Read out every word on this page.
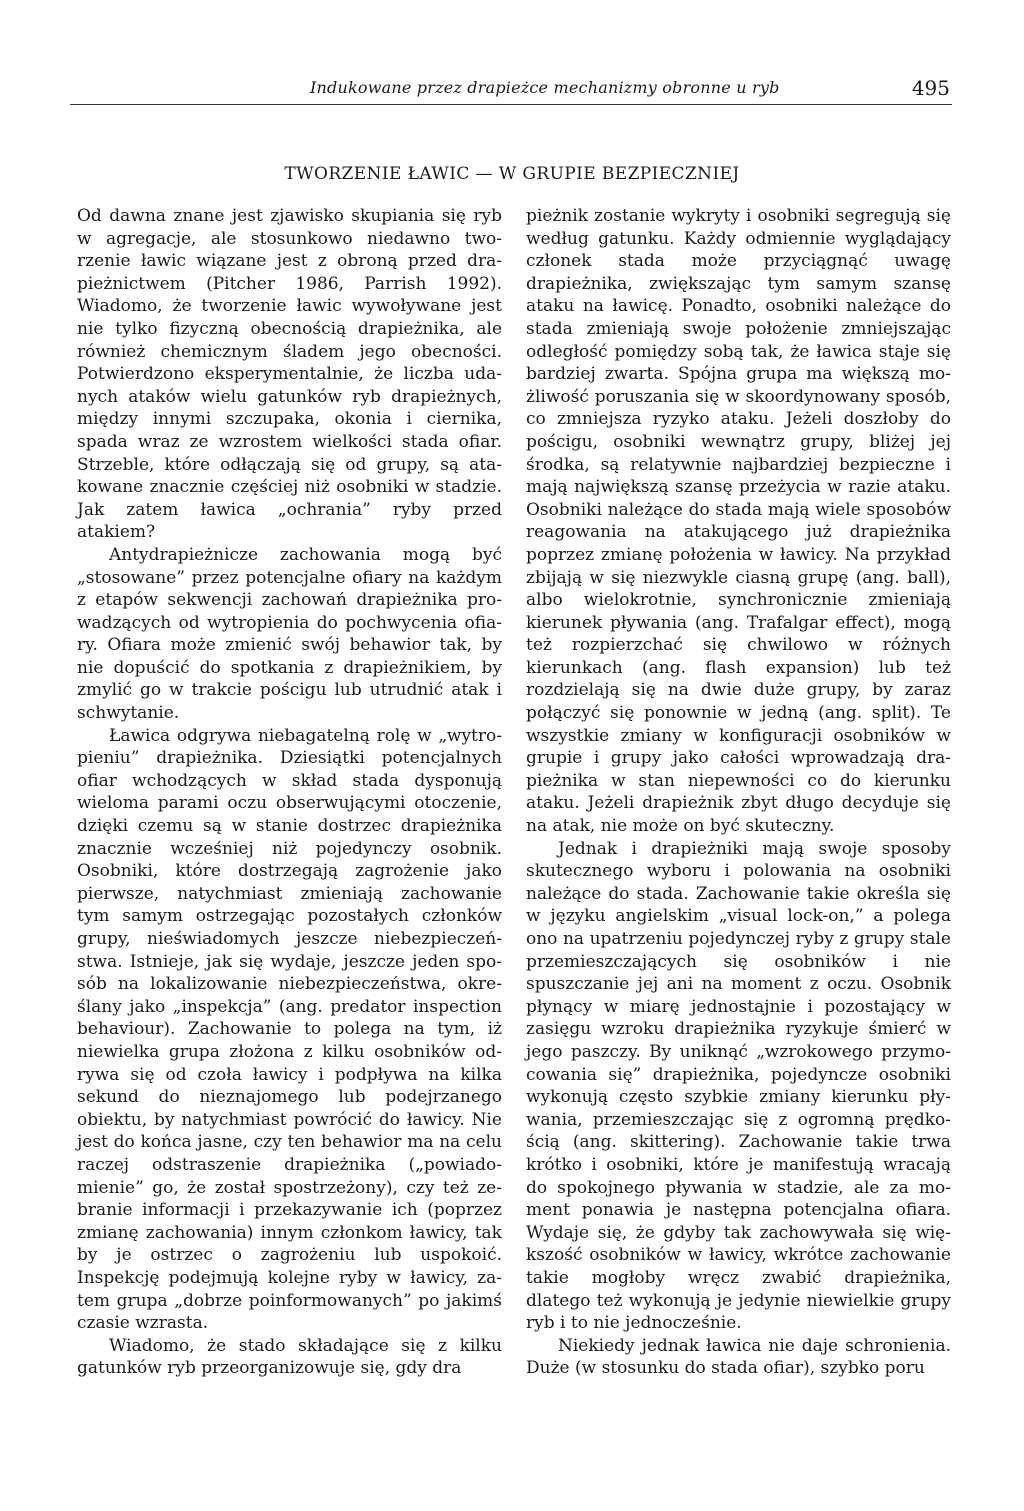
Indukowane przez drapieżce mechanizmy obronne u ryb	495
TWORZENIE ŁAWIC — W GRUPIE BEZPIECZNIEJ

Od dawna znane jest zjawisko skupiania się ryb w agregacje, ale stosunkowo niedawno tworzenie ławic wiązane jest z obroną przed drapieżnictwem (Pitcher 1986, Parrish 1992). Wiadomo, że tworzenie ławic wywoływane jest nie tylko fizyczną obecnością drapieżnika, ale również chemicznym śladem jego obecności. Potwierdzono eksperymentalnie, że liczba udanych ataków wielu gatunków ryb drapieżnych, między innymi szczupaka, okonia i ciernika, spada wraz ze wzrostem wielkości stada ofiar. Strzeble, które odłączają się od grupy, są atakowane znacznie częściej niż osobniki w stadzie. Jak zatem ławica „ochrania” ryby przed atakiem?

Antydrapieżnicze zachowania mogą być „stosowane” przez potencjalne ofiary na każdym z etapów sekwencji zachowań drapieżnika prowadzących od wytropienia do pochwycenia ofiary. Ofiara może zmienić swój behawior tak, by nie dopuścić do spotkania z drapieżnikiem, by zmylić go w trakcie pościgu lub utrudnić atak i schwytanie.

Ławica odgrywa niebagatelną rolę w „wytropieniu” drapieżnika. Dziesiątki potencjalnych ofiar wchodzących w skład stada dysponują wieloma parami oczu obserwującymi otoczenie, dzięki czemu są w stanie dostrzec drapieżnika znacznie wcześniej niż pojedynczy osobnik. Osobniki, które dostrzegają zagrożenie jako pierwsze, natychmiast zmieniają zachowanie tym samym ostrzegając pozostałych członków grupy, nieświadomych jeszcze niebezpieczeństwa. Istnieje, jak się wydaje, jeszcze jeden sposób na lokalizowanie niebezpieczeństwa, określany jako „inspekcja” (ang. predator inspection behaviour). Zachowanie to polega na tym, iż niewielka grupa złożona z kilku osobników odrywa się od czoła ławicy i podpływa na kilka sekund do nieznajomego lub podejrzanego obiektu, by natychmiast powrócić do ławicy. Nie jest do końca jasne, czy ten behawior ma na celu raczej odstraszenie drapieżnika („powiadomienie” go, że został spostrzeżony), czy też zebranie informacji i przekazywanie ich (poprzez zmianę zachowania) innym członkom ławicy, tak by je ostrzec o zagrożeniu lub uspokoić. Inspekcję podejmują kolejne ryby w ławicy, zatem grupa „dobrze poinformowanych” po jakimś czasie wzrasta.

Wiadomo, że stado składające się z kilku gatunków ryb przeorganizowuje się, gdy dra

pieżnik zostanie wykryty i osobniki segregują się według gatunku. Każdy odmiennie wyglądający członek stada może przyciągnąć uwagę drapieżnika, zwiększając tym samym szansę ataku na ławicę. Ponadto, osobniki należące do stada zmieniają swoje położenie zmniejszając odległość pomiędzy sobą tak, że ławica staje się bardziej zwarta. Spójna grupa ma większą możliwość poruszania się w skoordynowany sposób, co zmniejsza ryzyko ataku. Jeżeli doszłoby do pościgu, osobniki wewnątrz grupy, bliżej jej środka, są relatywnie najbardziej bezpieczne i mają największą szansę przeżycia w razie ataku. Osobniki należące do stada mają wiele sposobów reagowania na atakującego już drapieżnika poprzez zmianę położenia w ławicy. Na przykład zbijają w się niezwykle ciasną grupę (ang. ball), albo wielokrotnie, synchronicznie zmieniają kierunek pływania (ang. Trafalgar effect), mogą też rozpierzchać się chwilowo w różnych kierunkach (ang. flash expansion) lub też rozdzielają się na dwie duże grupy, by zaraz połączyć się ponownie w jedną (ang. split). Te wszystkie zmiany w konfiguracji osobników w grupie i grupy jako całości wprowadzają drapieżnika w stan niepewności co do kierunku ataku. Jeżeli drapieżnik zbyt długo decyduje się na atak, nie może on być skuteczny.

Jednak i drapieżniki mają swoje sposoby skutecznego wyboru i polowania na osobniki należące do stada. Zachowanie takie określa się w języku angielskim „visual lock-on,” a polega ono na upatrzeniu pojedynczej ryby z grupy stale przemieszczających się osobników i nie spuszczanie jej ani na moment z oczu. Osobnik płynący w miarę jednostajnie i pozostający w zasięgu wzroku drapieżnika ryzykuje śmierć w jego paszczy. By uniknąć „wzrokowego przymocowania się” drapieżnika, pojedyncze osobniki wykonują często szybkie zmiany kierunku pływania, przemieszczając się z ogromną prędkością (ang. skittering). Zachowanie takie trwa krótko i osobniki, które je manifestują wracają do spokojnego pływania w stadzie, ale za moment ponawia je następna potencjalna ofiara. Wydaje się, że gdyby tak zachowywała się większość osobników w ławicy, wkrótce zachowanie takie mogłoby wręcz zwabić drapieżnika, dlatego też wykonują je jedynie niewielkie grupy ryb i to nie jednocześnie.

Niekiedy jednak ławica nie daje schronienia. Duże (w stosunku do stada ofiar), szybko poru
